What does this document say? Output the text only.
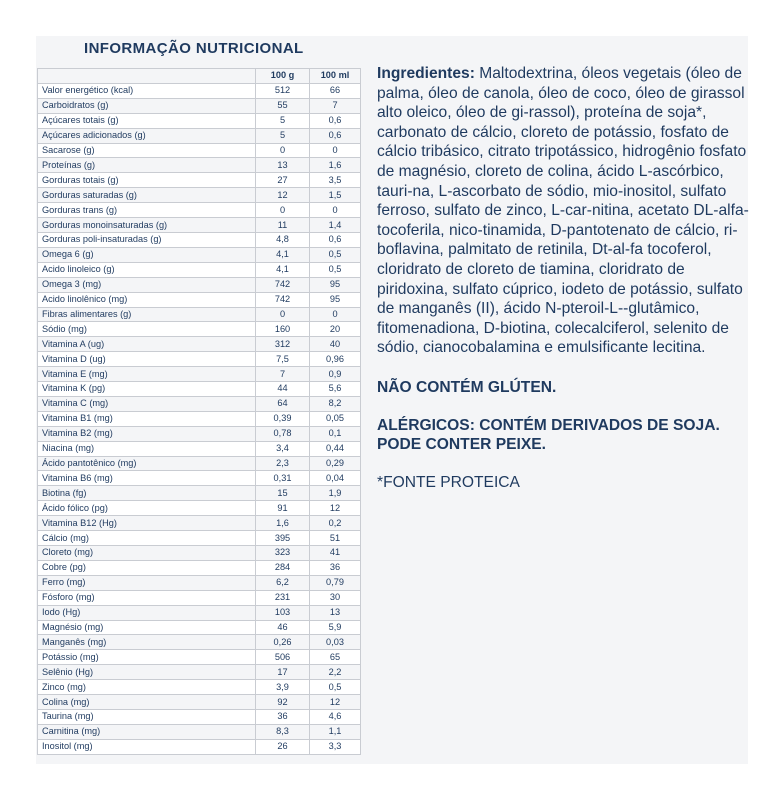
INFORMAÇÃO NUTRICIONAL
	100 g	100 ml
Valor energético (kcal)	512	66
Carboidratos (g)	55	7
Açúcares totais (g)	5	0,6
Açúcares adicionados (g)	5	0,6
Sacarose (g)	0	0
Proteínas (g)	13	1,6
Gorduras totais (g)	27	3,5
Gorduras saturadas (g)	12	1,5
Gorduras trans (g)	0	0
Gorduras monoinsaturadas (g)	11	1,4
Gorduras poli-insaturadas (g)	4,8	0,6
Omega 6 (g)	4,1	0,5
Acido linoleico (g)	4,1	0,5
Omega 3 (mg)	742	95
Acido linolênico (mg)	742	95
Fibras alimentares (g)	0	0
Sódio (mg)	160	20
Vitamina A (ug)	312	40
Vitamina D (ug)	7,5	0,96
Vitamina E (mg)	7	0,9
Vitamina K (pg)	44	5,6
Vitamina C (mg)	64	8,2
Vitamina B1 (mg)	0,39	0,05
Vitamina B2 (mg)	0,78	0,1
Niacina (mg)	3,4	0,44
Ácido pantotênico (mg)	2,3	0,29
Vitamina B6 (mg)	0,31	0,04
Biotina (fg)	15	1,9
Ácido fólico (pg)	91	12
Vitamina B12 (Hg)	1,6	0,2
Cálcio (mg)	395	51
Cloreto (mg)	323	41
Cobre (pg)	284	36
Ferro (mg)	6,2	0,79
Fósforo (mg)	231	30
Iodo (Hg)	103	13
Magnésio (mg)	46	5,9
Manganês (mg)	0,26	0,03
Potássio (mg)	506	65
Selênio (Hg)	17	2,2
Zinco (mg)	3,9	0,5
Colina (mg)	92	12
Taurina (mg)	36	4,6
Carnitina (mg)	8,3	1,1
Inositol (mg)	26	3,3

Ingredientes: Maltodextrina, óleos vegetais (óleo de palma, óleo de canola, óleo de coco, óleo de girassol alto oleico, óleo de gi-rassol), proteína de soja*, carbonato de cálcio, cloreto de potássio, fosfato de cálcio tribásico, citrato tripotássico, hidrogênio fosfato de magnésio, cloreto de colina, ácido L-ascórbico, tauri-na, L-ascorbato de sódio, mio-inositol, sulfato ferroso, sulfato de zinco, L-car-nitina, acetato DL-alfa-tocoferila, nico-tinamida, D-pantotenato de cálcio, ri-boflavina, palmitato de retinila, Dt-al-fa tocoferol, cloridrato de cloreto de tiamina, cloridrato de piridoxina, sulfato cúprico, iodeto de potássio, sulfato de manganês (II), ácido N-pteroil-L--glutâmico, fitomenadiona, D-biotina, colecalciferol, selenito de sódio, cianocobalamina e emulsificante lecitina.

NÃO CONTÉM GLÚTEN.

ALÉRGICOS: CONTÉM DERIVADOS DE SOJA.

PODE CONTER PEIXE.

*FONTE PROTEICA
